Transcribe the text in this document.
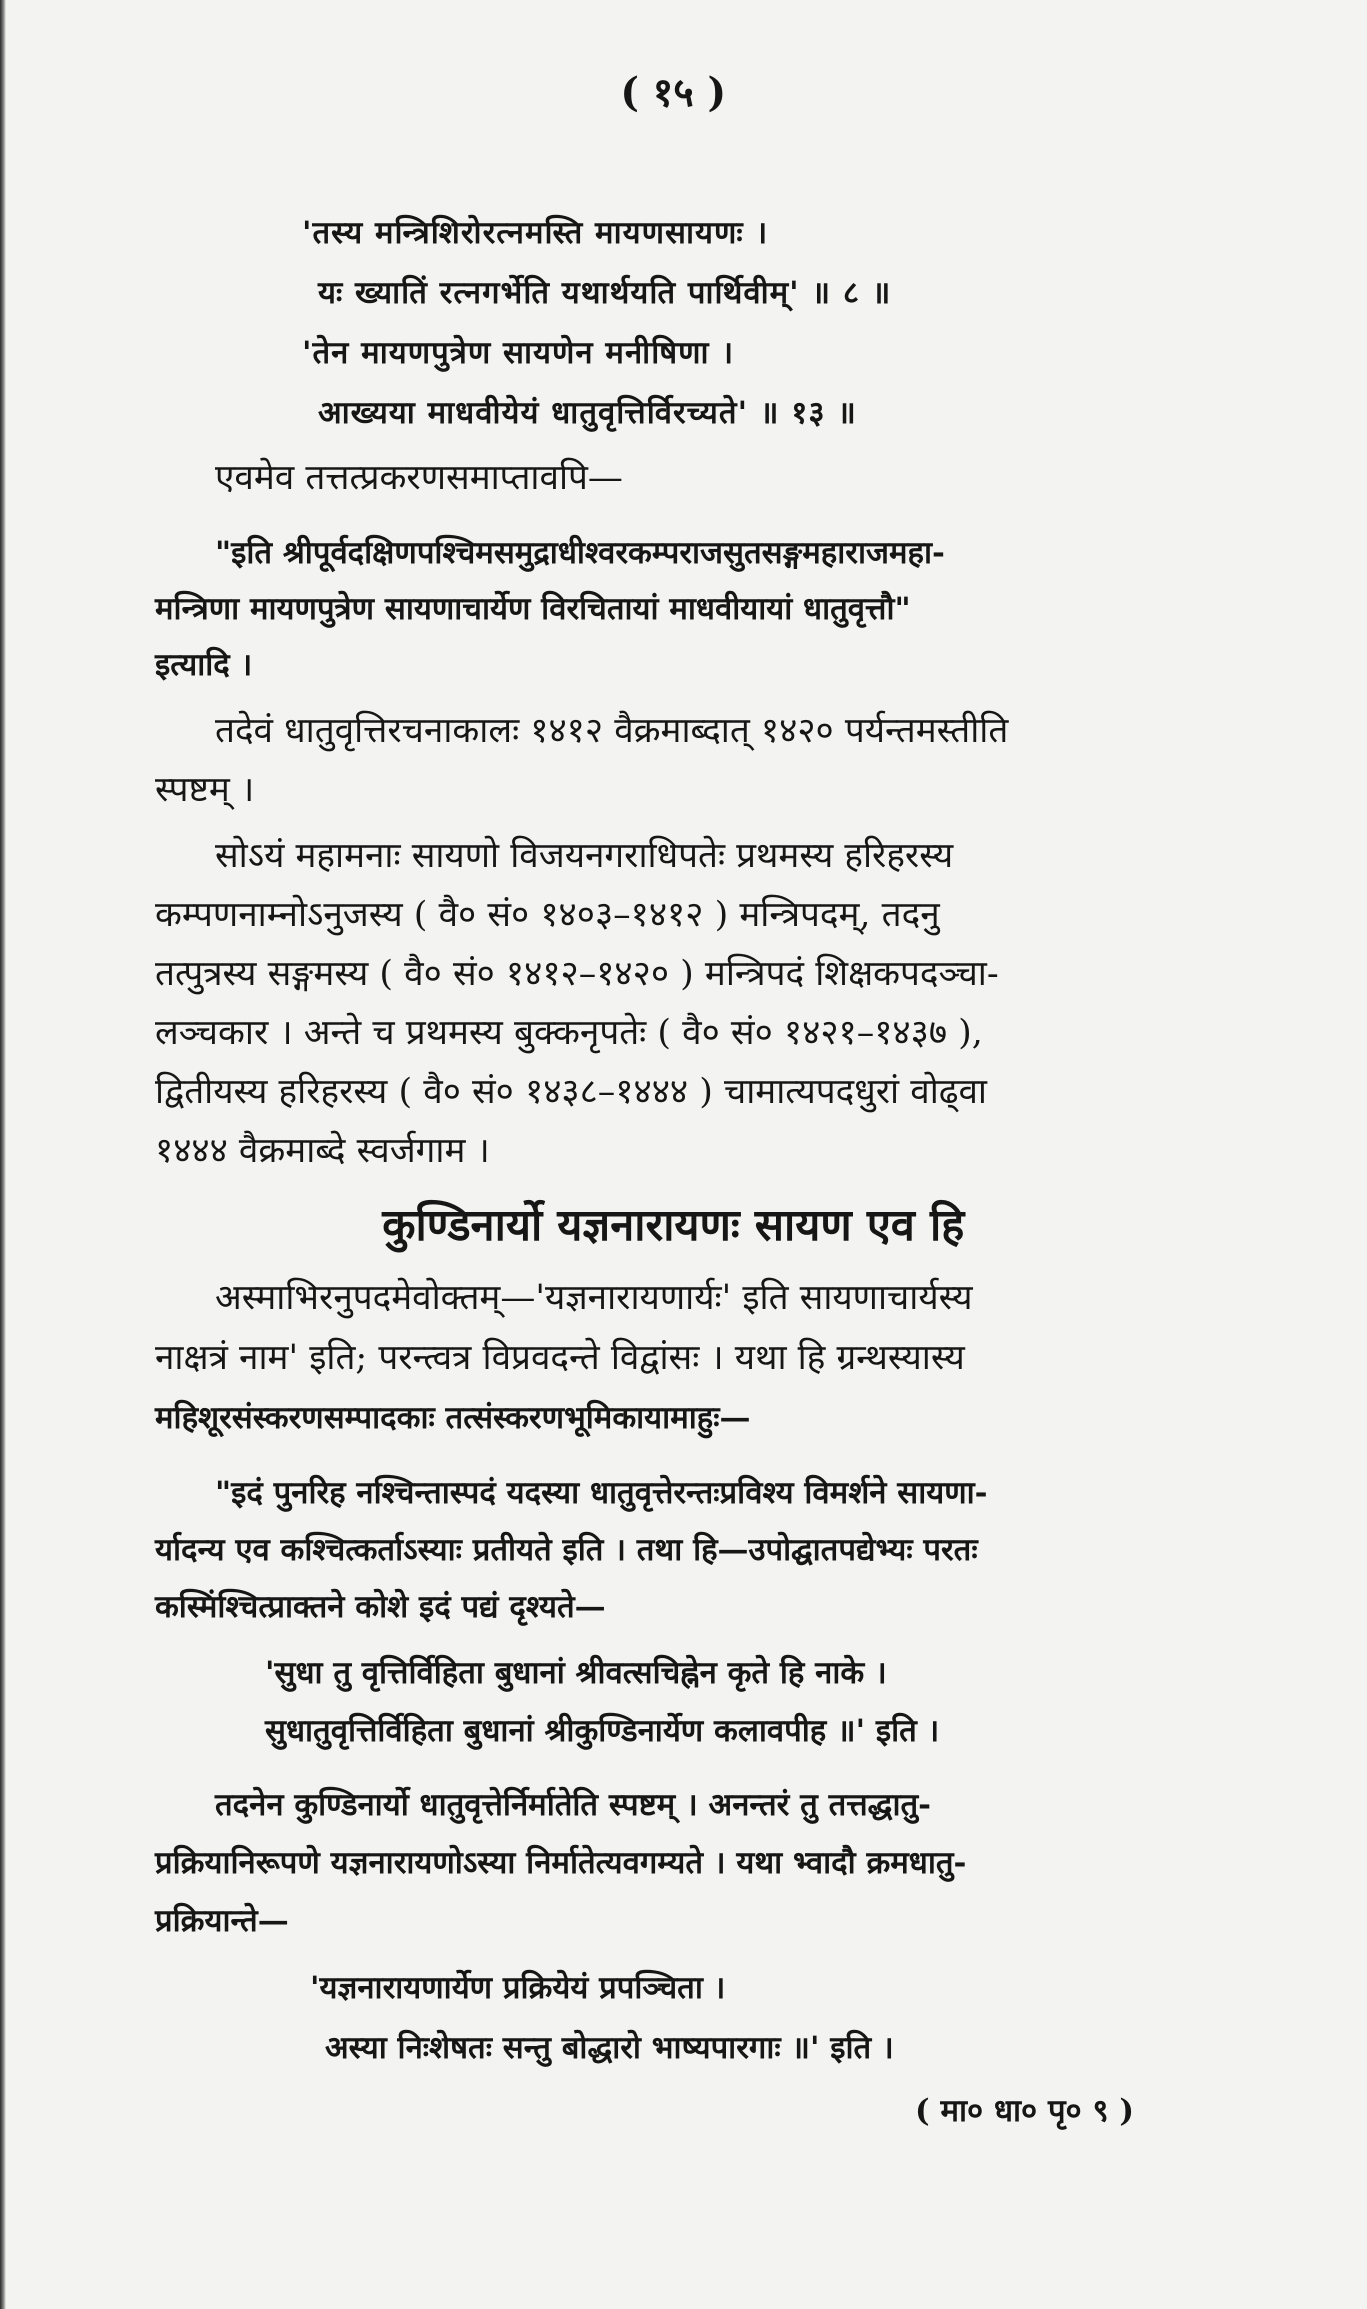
( १५ )
'तस्य मन्त्रिशिरोरत्नमस्ति मायणसायणः ।
यः ख्यातिं रत्नगर्भेति यथार्थयति पार्थिवीम्' ॥ ८ ॥
'तेन मायणपुत्रेण सायणेन मनीषिणा ।
आख्यया माधवीयेयं धातुवृत्तिर्विरच्यते' ॥ १३ ॥
एवमेव तत्तत्प्रकरणसमाप्तावपि—
"इति श्रीपूर्वदक्षिणपश्चिमसमुद्राधीश्वरकम्पराजसुतसङ्गमहाराजमहा-
मन्त्रिणा मायणपुत्रेण सायणाचार्येण विरचितायां माधवीयायां धातुवृत्तौ"
इत्यादि ।
तदेवं धातुवृत्तिरचनाकालः १४१२ वैक्रमाब्दात् १४२० पर्यन्तमस्तीति
स्पष्टम् ।
सोऽयं महामनाः सायणो विजयनगराधिपतेः प्रथमस्य हरिहरस्य
कम्पणनाम्नोऽनुजस्य ( वै० सं० १४०३–१४१२ ) मन्त्रिपदम्, तदनु
तत्पुत्रस्य सङ्गमस्य ( वै० सं० १४१२–१४२० ) मन्त्रिपदं शिक्षकपदञ्चा-
लञ्चकार । अन्ते च प्रथमस्य बुक्कनृपतेः ( वै० सं० १४२१–१४३७ ),
द्वितीयस्य हरिहरस्य ( वै० सं० १४३८–१४४४ ) चामात्यपदधुरां वोढ्वा
१४४४ वैक्रमाब्दे स्वर्जगाम ।
कुण्डिनार्यो यज्ञनारायणः सायण एव हि
अस्माभिरनुपदमेवोक्तम्—'यज्ञनारायणार्यः' इति सायणाचार्यस्य
नाक्षत्रं नाम' इति; परन्त्वत्र विप्रवदन्ते विद्वांसः । यथा हि ग्रन्थस्यास्य
महिशूरसंस्करणसम्पादकाः तत्संस्करणभूमिकायामाहुः—
"इदं पुनरिह नश्चिन्तास्पदं यदस्या धातुवृत्तेरन्तःप्रविश्य विमर्शने सायणा-
र्यादन्य एव कश्चित्कर्ताऽस्याः प्रतीयते इति । तथा हि—उपोद्घातपद्येभ्यः परतः
कस्मिंश्चित्प्राक्तने कोशे इदं पद्यं दृश्यते—
'सुधा तु वृत्तिर्विहिता बुधानां श्रीवत्सचिह्नेन कृते हि नाके ।
सुधातुवृत्तिर्विहिता बुधानां श्रीकुण्डिनार्येण कलावपीह ॥' इति ।
तदनेन कुण्डिनार्यो धातुवृत्तेर्निर्मातेति स्पष्टम् । अनन्तरं तु तत्तद्धातु-
प्रक्रियानिरूपणे यज्ञनारायणोऽस्या निर्मातेत्यवगम्यते । यथा भ्वादौ क्रमधातु-
प्रक्रियान्ते—
'यज्ञनारायणार्येण प्रक्रियेयं प्रपञ्चिता ।
अस्या निःशेषतः सन्तु बोद्धारो भाष्यपारगाः ॥' इति ।
( मा० धा० पृ० ९ )
